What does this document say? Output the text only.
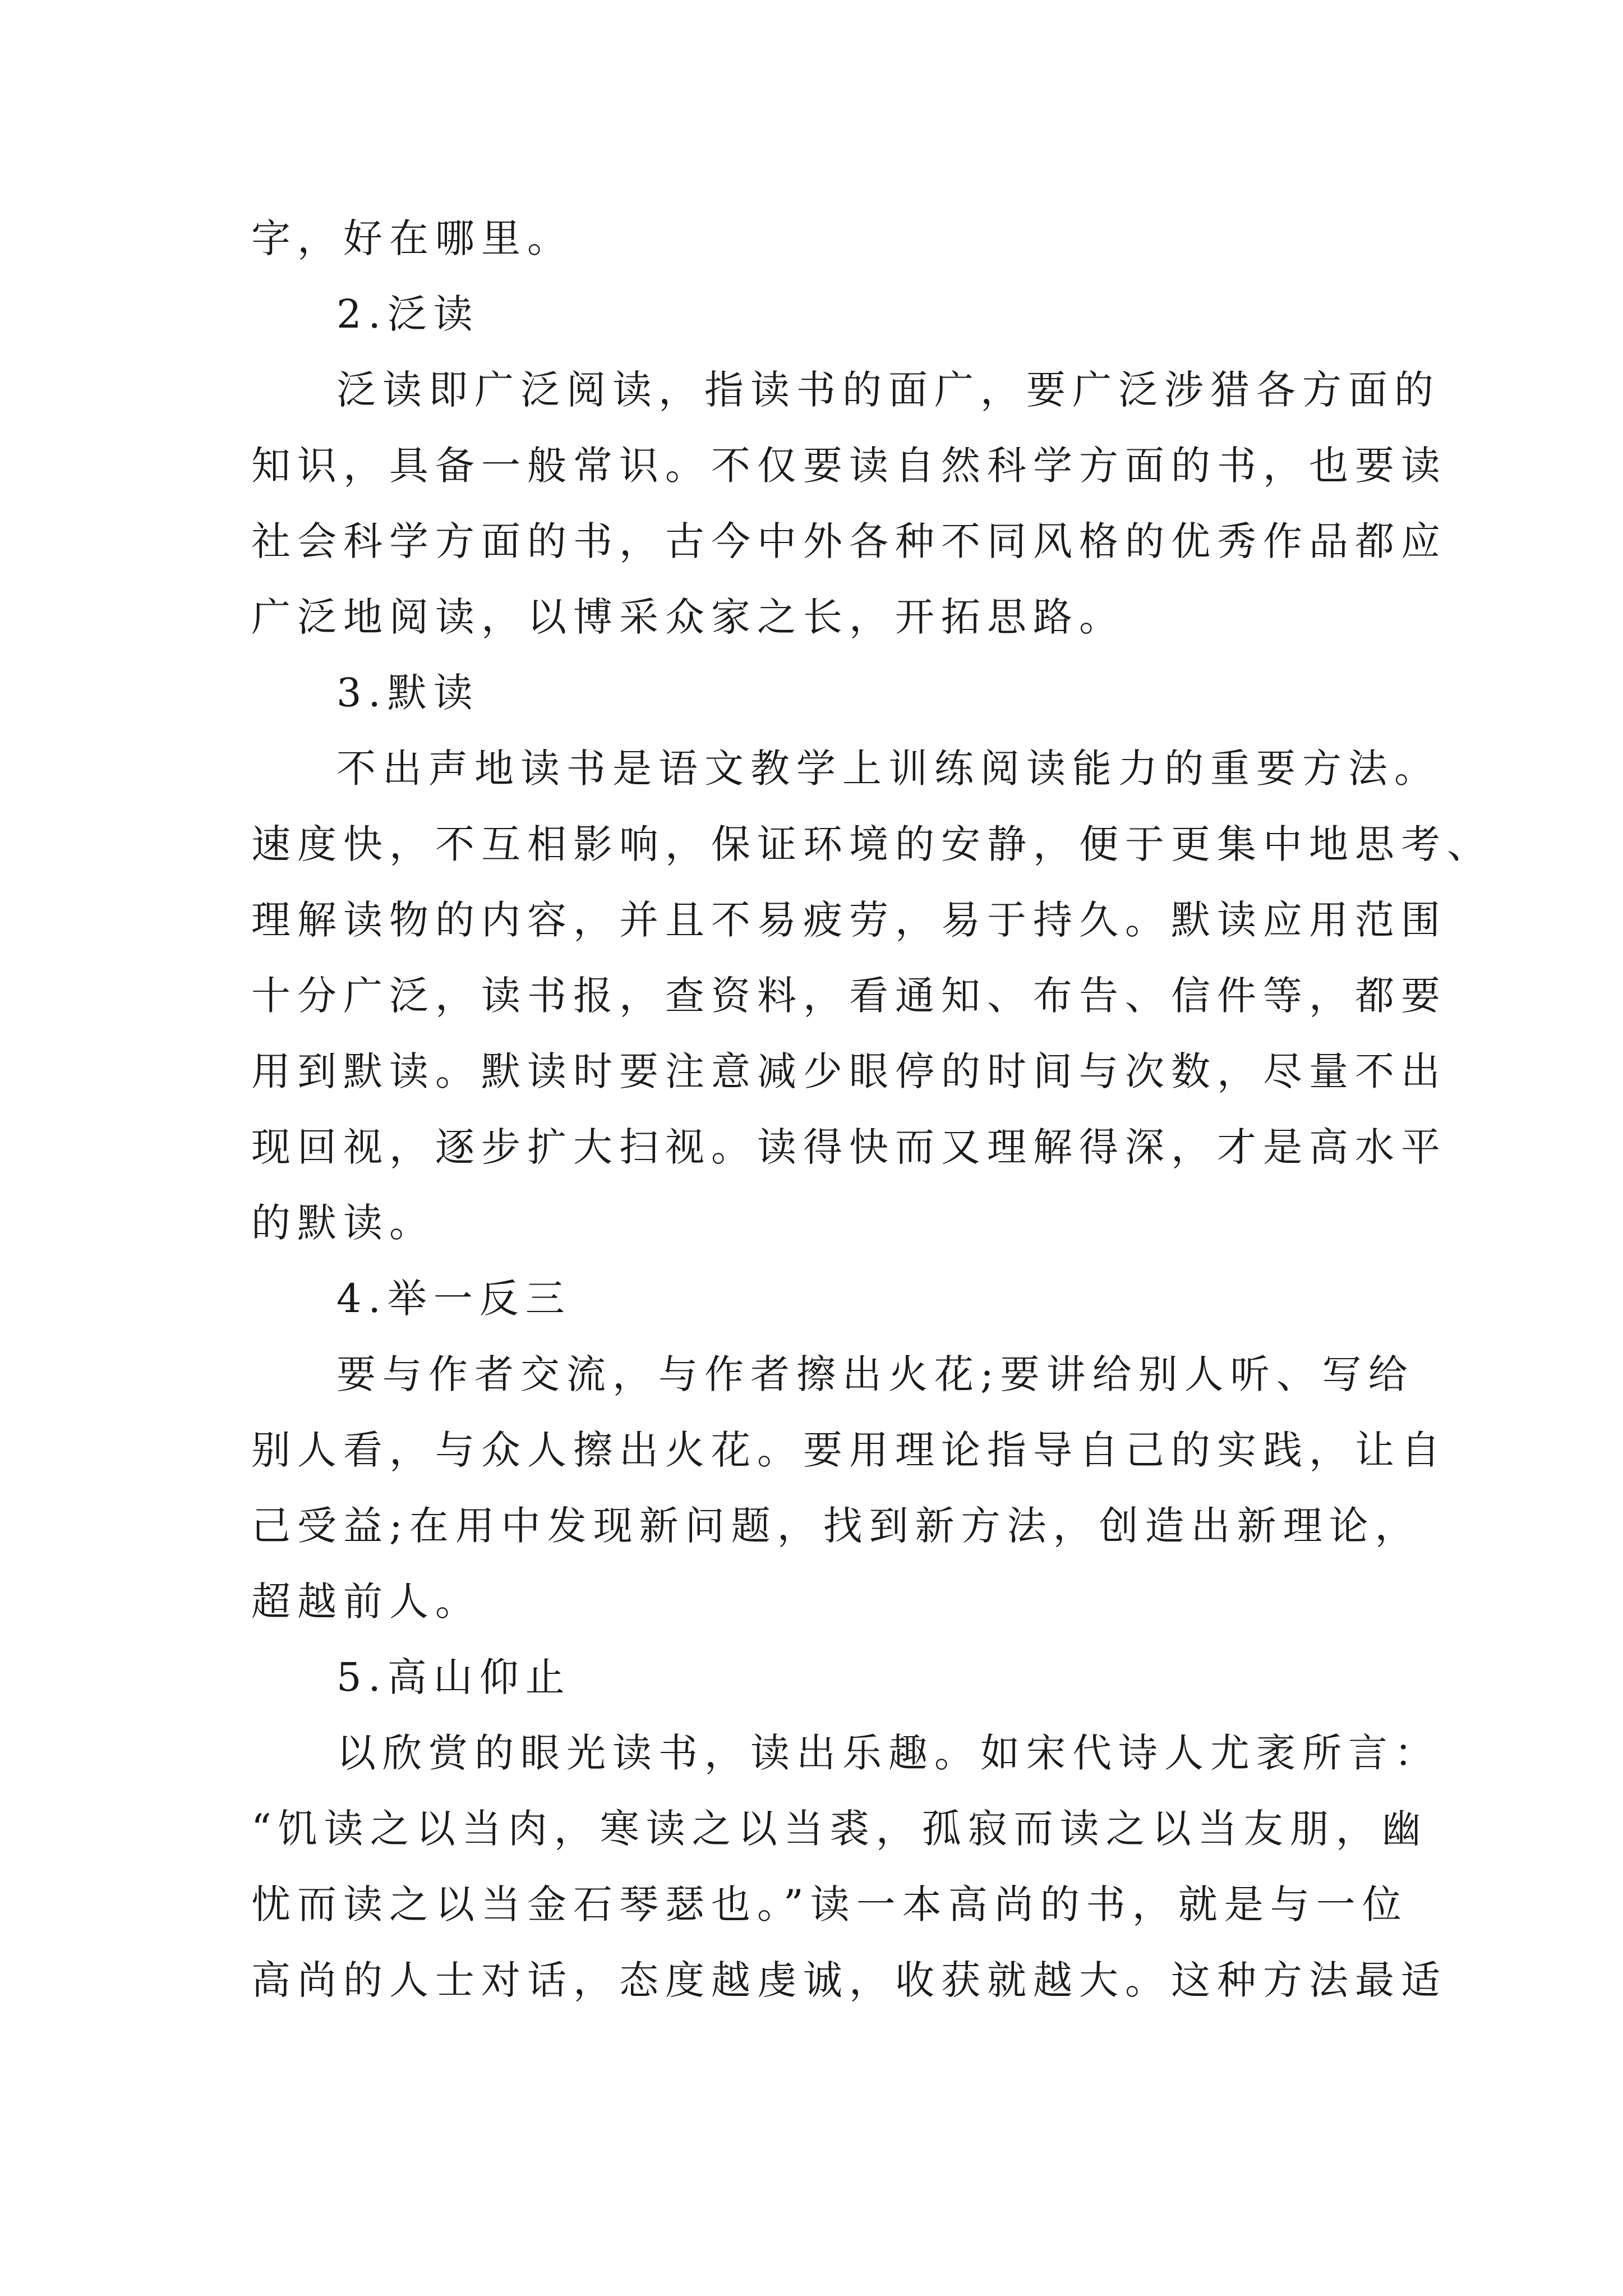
字，好在哪里。
2.泛读
泛读即广泛阅读，指读书的面广，要广泛涉猎各方面的
知识，具备一般常识。不仅要读自然科学方面的书，也要读
社会科学方面的书，古今中外各种不同风格的优秀作品都应
广泛地阅读，以博采众家之长，开拓思路。
3.默读
不出声地读书是语文教学上训练阅读能力的重要方法。
速度快，不互相影响，保证环境的安静，便于更集中地思考、
理解读物的内容，并且不易疲劳，易于持久。默读应用范围
十分广泛，读书报，查资料，看通知、布告、信件等，都要
用到默读。默读时要注意减少眼停的时间与次数，尽量不出
现回视，逐步扩大扫视。读得快而又理解得深，才是高水平
的默读。
4.举一反三
要与作者交流，与作者擦出火花;要讲给别人听、写给
别人看，与众人擦出火花。要用理论指导自己的实践，让自
己受益;在用中发现新问题，找到新方法，创造出新理论，
超越前人。
5.高山仰止
以欣赏的眼光读书，读出乐趣。如宋代诗人尤袤所言：
“饥读之以当肉，寒读之以当裘，孤寂而读之以当友朋，幽
忧而读之以当金石琴瑟也。”读一本高尚的书，就是与一位
高尚的人士对话，态度越虔诚，收获就越大。这种方法最适
